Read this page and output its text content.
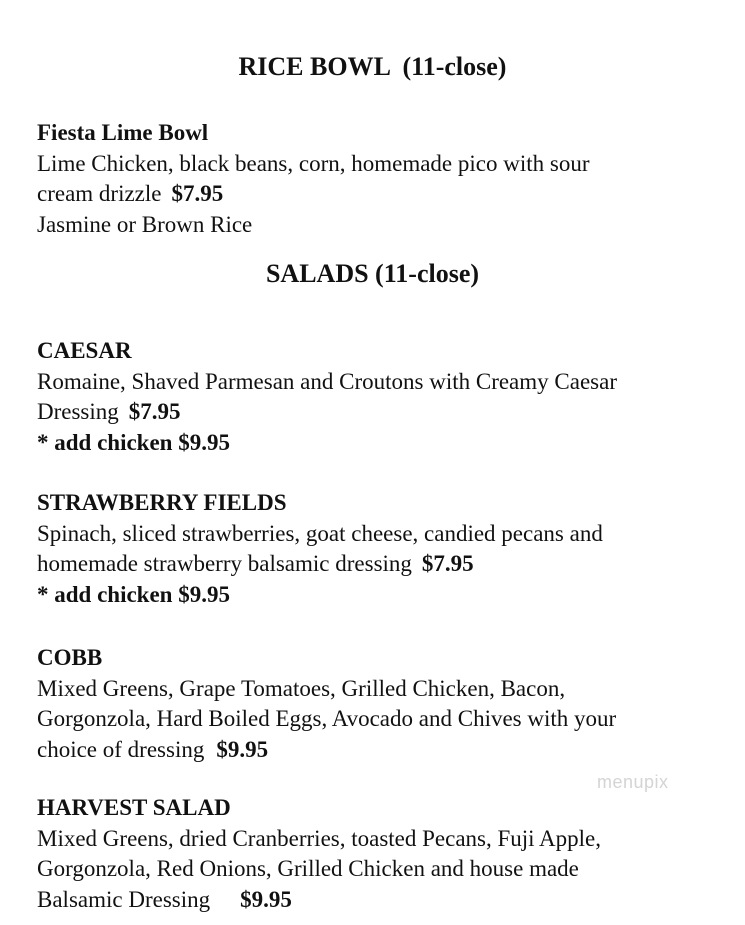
RICE BOWL  (11-close)
Fiesta Lime Bowl
Lime Chicken, black beans, corn, homemade pico with sour
cream drizzle $7.95
Jasmine or Brown Rice
SALADS (11-close)
CAESAR
Romaine, Shaved Parmesan and Croutons with Creamy Caesar
Dressing $7.95
* add chicken $9.95
STRAWBERRY FIELDS
Spinach, sliced strawberries, goat cheese, candied pecans and
homemade strawberry balsamic dressing $7.95
* add chicken $9.95
COBB
Mixed Greens, Grape Tomatoes, Grilled Chicken, Bacon,
Gorgonzola, Hard Boiled Eggs, Avocado and Chives with your
choice of dressing $9.95
HARVEST SALAD
Mixed Greens, dried Cranberries, toasted Pecans, Fuji Apple,
Gorgonzola, Red Onions, Grilled Chicken and house made
Balsamic Dressing $9.95
menupix
